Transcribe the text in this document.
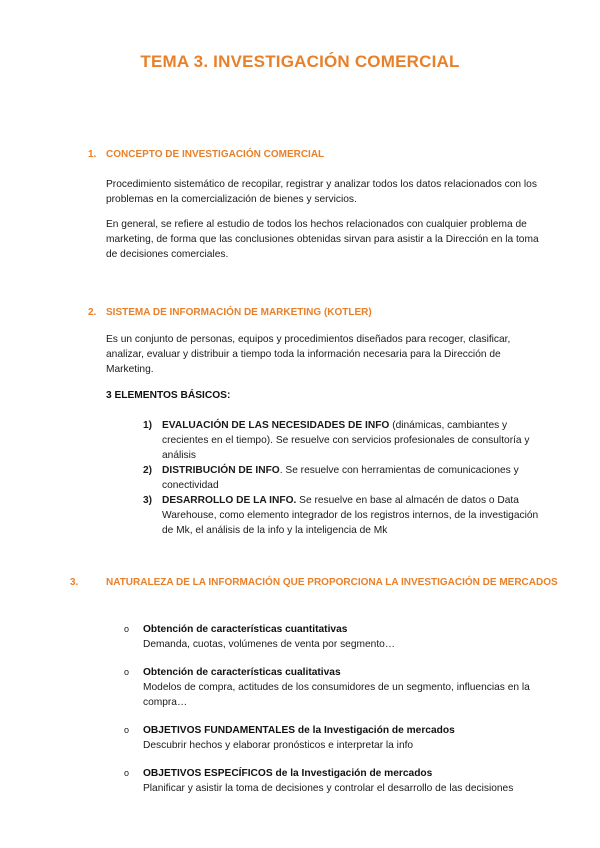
TEMA 3. INVESTIGACIÓN COMERCIAL
1. CONCEPTO DE INVESTIGACIÓN COMERCIAL
Procedimiento sistemático de recopilar, registrar y analizar todos los datos relacionados con los problemas en la comercialización de bienes y servicios.
En general, se refiere al estudio de todos los hechos relacionados con cualquier problema de marketing, de forma que las conclusiones obtenidas sirvan para asistir a la Dirección en la toma de decisiones comerciales.
2. SISTEMA DE INFORMACIÓN DE MARKETING (KOTLER)
Es un conjunto de personas, equipos y procedimientos diseñados para recoger, clasificar, analizar, evaluar y distribuir a tiempo toda la información necesaria para la Dirección de Marketing.
3 ELEMENTOS BÁSICOS:
1) EVALUACIÓN DE LAS NECESIDADES DE INFO (dinámicas, cambiantes y crecientes en el tiempo). Se resuelve con servicios profesionales de consultoría y análisis
2) DISTRIBUCIÓN DE INFO. Se resuelve con herramientas de comunicaciones y conectividad
3) DESARROLLO DE LA INFO. Se resuelve en base al almacén de datos o Data Warehouse, como elemento integrador de los registros internos, de la investigación de Mk, el análisis de la info y la inteligencia de Mk
3.	NATURALEZA DE LA INFORMACIÓN QUE PROPORCIONA LA INVESTIGACIÓN DE MERCADOS
o Obtención de características cuantitativas
Demanda, cuotas, volúmenes de venta por segmento…
o Obtención de características cualitativas
Modelos de compra, actitudes de los consumidores de un segmento, influencias en la compra…
o OBJETIVOS FUNDAMENTALES de la Investigación de mercados
Descubrir hechos y elaborar pronósticos e interpretar la info
o OBJETIVOS ESPECÍFICOS de la Investigación de mercados
Planificar y asistir la toma de decisiones y controlar el desarrollo de las decisiones
